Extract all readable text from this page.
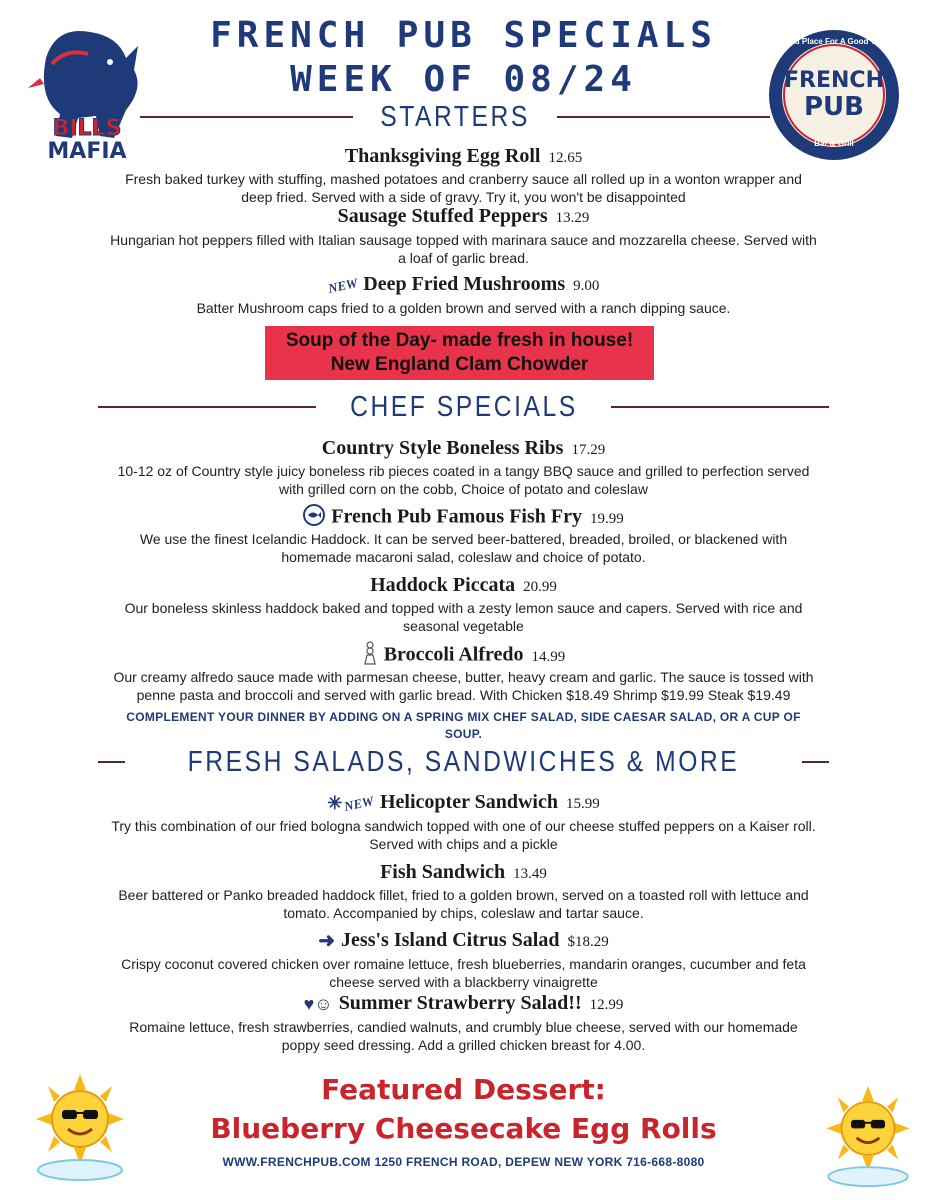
FRENCH PUB SPECIALS
WEEK OF 08/24
BILLS
MAFIA
Good Place For A Good Time
FRENCH
PUB
Bar & Grill
STARTERS
Thanksgiving Egg Roll 12.65
Fresh baked turkey with stuffing, mashed potatoes and cranberry sauce all rolled up in a wonton wrapper and deep fried. Served with a side of gravy. Try it, you won't be disappointed
Sausage Stuffed Peppers 13.29
Hungarian hot peppers filled with Italian sausage topped with marinara sauce and mozzarella cheese. Served with a loaf of garlic bread.
NEW Deep Fried Mushrooms 9.00
Batter Mushroom caps fried to a golden brown and served with a ranch dipping sauce.
Soup of the Day- made fresh in house!
New England Clam Chowder
CHEF SPECIALS
Country Style Boneless Ribs 17.29
10-12 oz of Country style juicy boneless rib pieces coated in a tangy BBQ sauce and grilled to perfection served with grilled corn on the cobb, Choice of potato and coleslaw
French Pub Famous Fish Fry 19.99
We use the finest Icelandic Haddock. It can be served beer-battered, breaded, broiled, or blackened with homemade macaroni salad, coleslaw and choice of potato.
Haddock Piccata 20.99
Our boneless skinless haddock baked and topped with a zesty lemon sauce and capers. Served with rice and seasonal vegetable
Broccoli Alfredo 14.99
Our creamy alfredo sauce made with parmesan cheese, butter, heavy cream and garlic. The sauce is tossed with penne pasta and broccoli and served with garlic bread. With Chicken $18.49 Shrimp $19.99 Steak $19.49
COMPLEMENT YOUR DINNER BY ADDING ON A SPRING MIX CHEF SALAD, SIDE CAESAR SALAD, OR A CUP OF SOUP.
FRESH SALADS, SANDWICHES & MORE
✳NEW Helicopter Sandwich 15.99
Try this combination of our fried bologna sandwich topped with one of our cheese stuffed peppers on a Kaiser roll. Served with chips and a pickle
Fish Sandwich 13.49
Beer battered or Panko breaded haddock fillet, fried to a golden brown, served on a toasted roll with lettuce and tomato. Accompanied by chips, coleslaw and tartar sauce.
➜ Jess's Island Citrus Salad $18.29
Crispy coconut covered chicken over romaine lettuce, fresh blueberries, mandarin oranges, cucumber and feta cheese served with a blackberry vinaigrette
♥☺ Summer Strawberry Salad!! 12.99
Romaine lettuce, fresh strawberries, candied walnuts, and crumbly blue cheese, served with our homemade poppy seed dressing. Add a grilled chicken breast for 4.00.
Featured Dessert:
Blueberry Cheesecake Egg Rolls
WWW.FRENCHPUB.COM 1250 FRENCH ROAD, DEPEW NEW YORK 716-668-8080
